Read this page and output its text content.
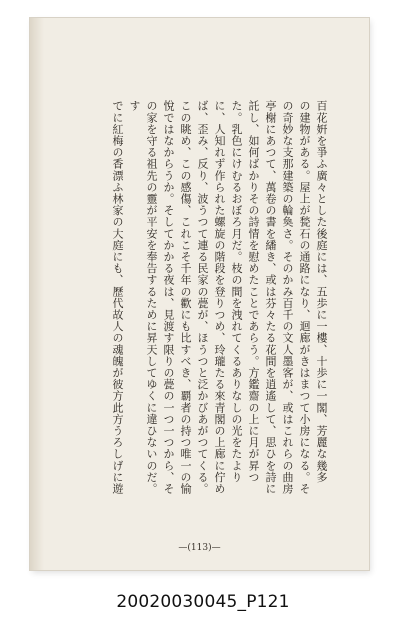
百花姸を爭ふ廣々とした後庭には、五歩に一樓、十歩に一閣、芳麗な幾多

の建物がある。屋上が甃石の通路になり、迴廊がきはまつて小房になる。そ

の奇妙な支那建築の輪奐さ。そのかみ百千の文人墨客が、或はこれらの曲房

亭榭にあつて、萬卷の書を繙き、或は芬々たる花間を逍遙して、思ひを詩に

託し、如何ばかりその詩情を慰めたことであらう。方鑑齋の上に月が昇つ

た。乳色にけむるおぼろ月だ。枝の間を洩れてくるありなしの光をたより

に、人知れず作られた螺旋の階段を登りつめ、玲瓏たる來青閣の上廊に佇め

ば、歪み、反り、波うつて連る民家の甍が、ほうつと泛かびあがつてくる。

この眺め、この感傷、これこそ千年の歡にも比すべき、覇者の持つ唯一の愉

悅ではなからうか。そしてかかる夜は、見渡す限りの甍の一つ一つから、そ

の家を守る祖先の靈が平安を奉告するために昇天してゆくに違ひないのだ。す

でに紅梅の香漂ふ林家の大庭にも、歷代故人の魂魄が彼方此方うろしげに遊

—(113)—
20020030045_P121
